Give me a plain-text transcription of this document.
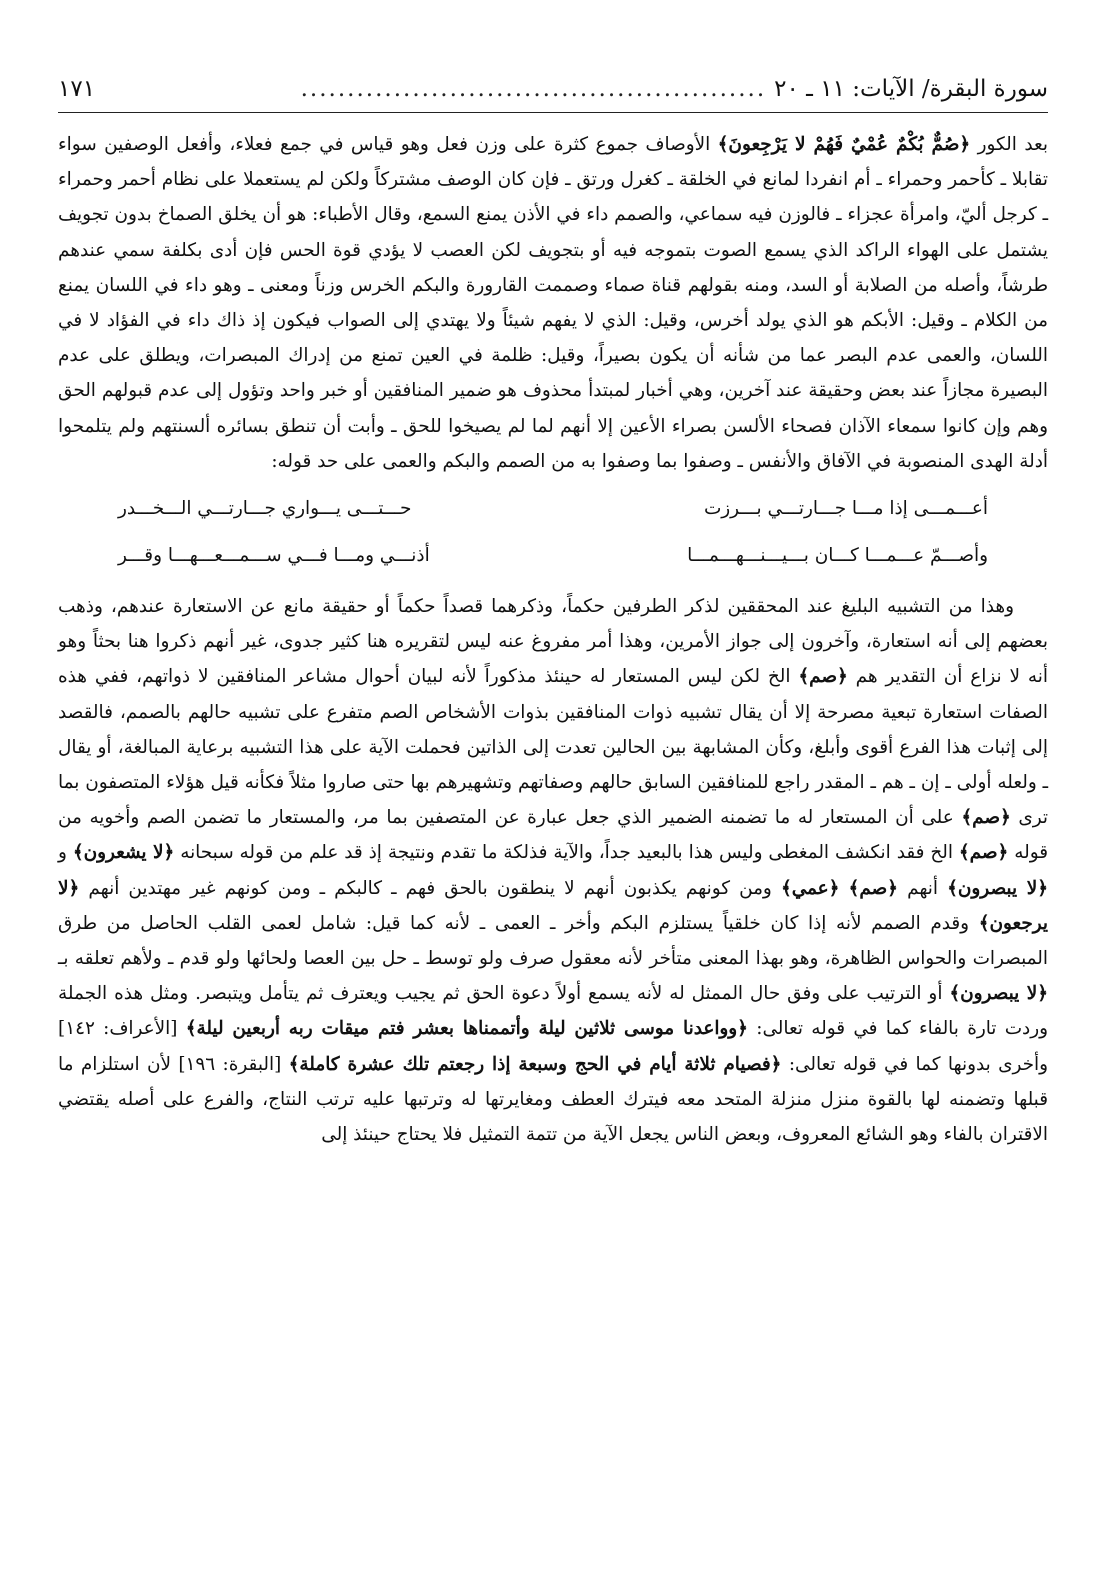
سورة البقرة/ الآيات: ١١ ـ ٢٠
..................................................
١٧١

بعد الكور ﴿صُمٌّ بُكْمٌ عُمْيٌ فَهُمْ لا يَرْجِعونَ﴾ الأوصاف جموع كثرة على وزن فعل وهو قياس في جمع فعلاء، وأفعل الوصفين سواء تقابلا ـ كأحمر وحمراء ـ أم انفردا لمانع في الخلقة ـ كغرل ورتق ـ فإن كان الوصف مشتركاً ولكن لم يستعملا على نظام أحمر وحمراء ـ كرجل أليّ، وامرأة عجزاء ـ فالوزن فيه سماعي، والصمم داء في الأذن يمنع السمع، وقال الأطباء: هو أن يخلق الصماخ بدون تجويف يشتمل على الهواء الراكد الذي يسمع الصوت بتموجه فيه أو بتجويف لكن العصب لا يؤدي قوة الحس فإن أدى بكلفة سمي عندهم طرشاً، وأصله من الصلابة أو السد، ومنه بقولهم قناة صماء وصممت القارورة والبكم الخرس وزناً ومعنى ـ وهو داء في اللسان يمنع من الكلام ـ وقيل: الأبكم هو الذي يولد أخرس، وقيل: الذي لا يفهم شيئاً ولا يهتدي إلى الصواب فيكون إذ ذاك داء في الفؤاد لا في اللسان، والعمى عدم البصر عما من شأنه أن يكون بصيراً، وقيل: ظلمة في العين تمنع من إدراك المبصرات، ويطلق على عدم البصيرة مجازاً عند بعض وحقيقة عند آخرين، وهي أخبار لمبتدأ محذوف هو ضمير المنافقين أو خبر واحد وتؤول إلى عدم قبولهم الحق وهم وإن كانوا سمعاء الآذان فصحاء الألسن بصراء الأعين إلا أنهم لما لم يصيخوا للحق ـ وأبت أن تنطق بسائره ألسنتهم ولم يتلمحوا أدلة الهدى المنصوبة في الآفاق والأنفس ـ وصفوا بما وصفوا به من الصمم والبكم والعمى على حد قوله:

أعـــمـــى إذا مـــا جـــارتـــي بـــرزت
حـــتـــى يـــواري جـــارتـــي الـــخـــدر
وأصـــمّ عـــمـــا كـــان بـــيـــنـــهـــمـــا
أذنـــي ومـــا فـــي ســـمـــعـــهـــا وقـــر

وهذا من التشبيه البليغ عند المحققين لذكر الطرفين حكماً، وذكرهما قصداً حكماً أو حقيقة مانع عن الاستعارة عندهم، وذهب بعضهم إلى أنه استعارة، وآخرون إلى جواز الأمرين، وهذا أمر مفروغ عنه ليس لتقريره هنا كثير جدوى، غير أنهم ذكروا هنا بحثاً وهو أنه لا نزاع أن التقدير هم ﴿صم﴾ الخ لكن ليس المستعار له حينئذ مذكوراً لأنه لبيان أحوال مشاعر المنافقين لا ذواتهم، ففي هذه الصفات استعارة تبعية مصرحة إلا أن يقال تشبيه ذوات المنافقين بذوات الأشخاص الصم متفرع على تشبيه حالهم بالصمم، فالقصد إلى إثبات هذا الفرع أقوى وأبلغ، وكأن المشابهة بين الحالين تعدت إلى الذاتين فحملت الآية على هذا التشبيه برعاية المبالغة، أو يقال ـ ولعله أولى ـ إن ـ هم ـ المقدر راجع للمنافقين السابق حالهم وصفاتهم وتشهيرهم بها حتى صاروا مثلاً فكأنه قيل هؤلاء المتصفون بما ترى ﴿صم﴾ على أن المستعار له ما تضمنه الضمير الذي جعل عبارة عن المتصفين بما مر، والمستعار ما تضمن الصم وأخويه من قوله ﴿صم﴾ الخ فقد انكشف المغطى وليس هذا بالبعيد جداً، والآية فذلكة ما تقدم ونتيجة إذ قد علم من قوله سبحانه ﴿لا يشعرون﴾ و ﴿لا يبصرون﴾ أنهم ﴿صم﴾ ﴿عمي﴾ ومن كونهم يكذبون أنهم لا ينطقون بالحق فهم ـ كالبكم ـ ومن كونهم غير مهتدين أنهم ﴿لا يرجعون﴾ وقدم الصمم لأنه إذا كان خلقياً يستلزم البكم وأخر ـ العمى ـ لأنه كما قيل: شامل لعمى القلب الحاصل من طرق المبصرات والحواس الظاهرة، وهو بهذا المعنى متأخر لأنه معقول صرف ولو توسط ـ حل بين العصا ولحائها ولو قدم ـ ولأهم تعلقه بـ ﴿لا يبصرون﴾ أو الترتيب على وفق حال الممثل له لأنه يسمع أولاً دعوة الحق ثم يجيب ويعترف ثم يتأمل ويتبصر. ومثل هذه الجملة وردت تارة بالفاء كما في قوله تعالى: ﴿وواعدنا موسى ثلاثين ليلة وأتممناها بعشر فتم ميقات ربه أربعين ليلة﴾ [الأعراف: ١٤٢] وأخرى بدونها كما في قوله تعالى: ﴿فصيام ثلاثة أيام في الحج وسبعة إذا رجعتم تلك عشرة كاملة﴾ [البقرة: ١٩٦] لأن استلزام ما قبلها وتضمنه لها بالقوة منزل منزلة المتحد معه فيترك العطف ومغايرتها له وترتبها عليه ترتب النتاج، والفرع على أصله يقتضي الاقتران بالفاء وهو الشائع المعروف، وبعض الناس يجعل الآية من تتمة التمثيل فلا يحتاج حينئذ إلى
